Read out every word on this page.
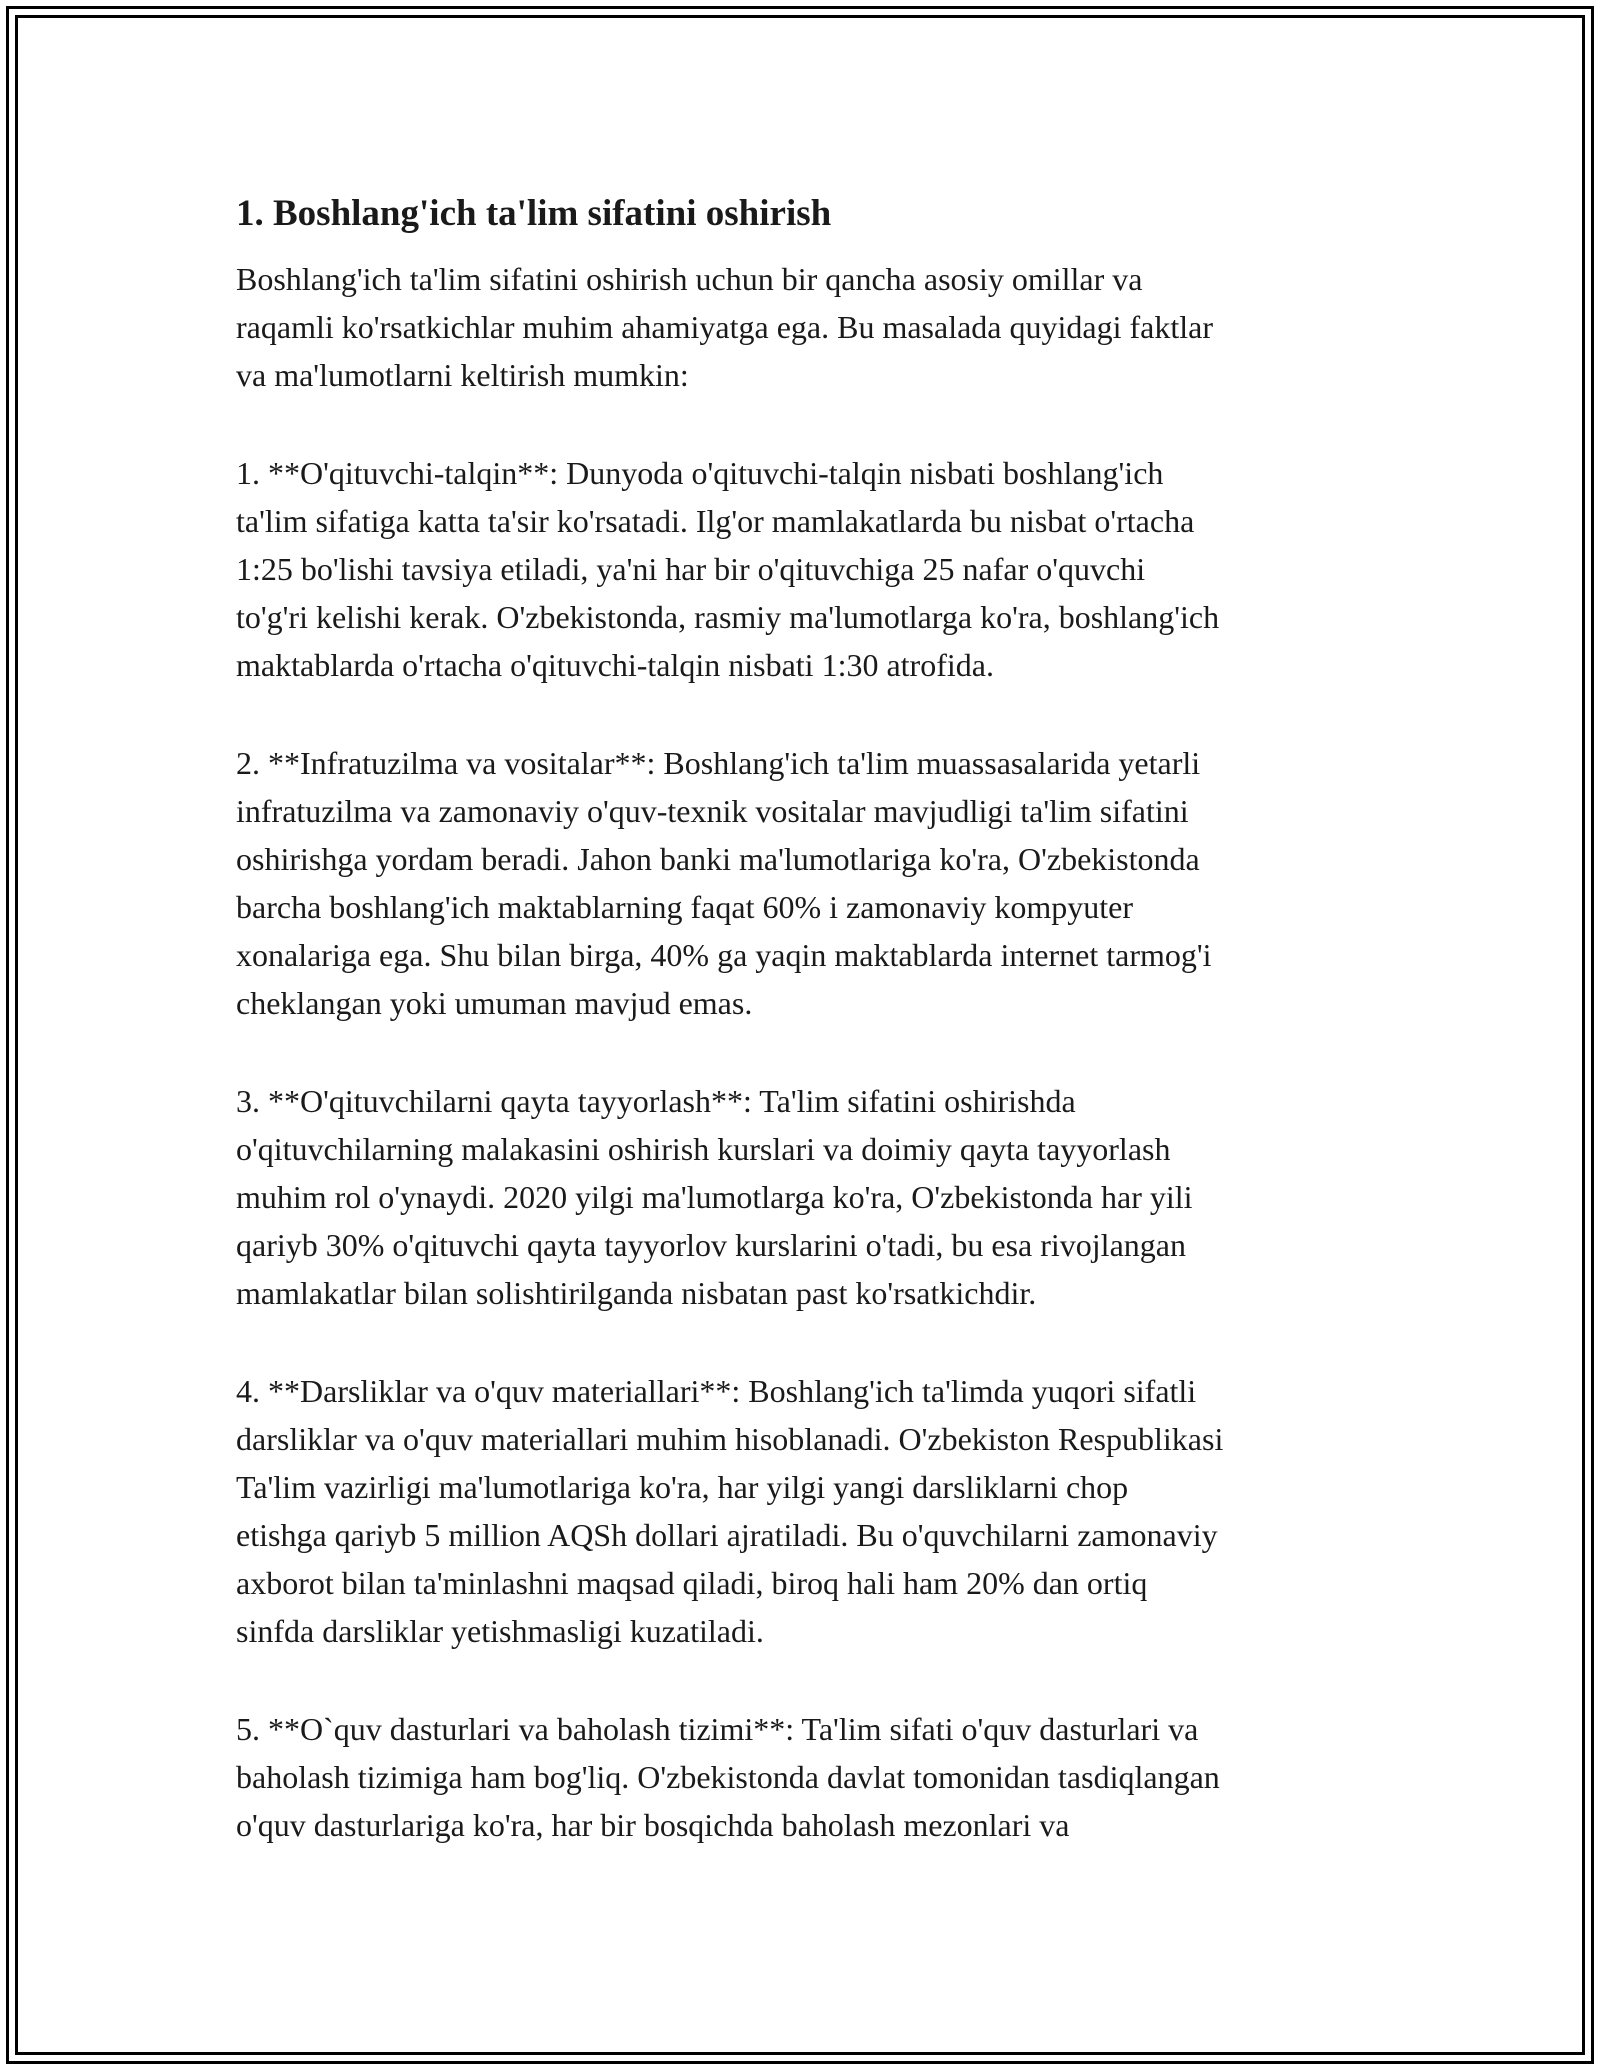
1. Boshlang'ich ta'lim sifatini oshirish
Boshlang'ich ta'lim sifatini oshirish uchun bir qancha asosiy omillar va
raqamli ko'rsatkichlar muhim ahamiyatga ega. Bu masalada quyidagi faktlar
va ma'lumotlarni keltirish mumkin:
1. **O'qituvchi-talqin**: Dunyoda o'qituvchi-talqin nisbati boshlang'ich
ta'lim sifatiga katta ta'sir ko'rsatadi. Ilg'or mamlakatlarda bu nisbat o'rtacha
1:25 bo'lishi tavsiya etiladi, ya'ni har bir o'qituvchiga 25 nafar o'quvchi
to'g'ri kelishi kerak. O'zbekistonda, rasmiy ma'lumotlarga ko'ra, boshlang'ich
maktablarda o'rtacha o'qituvchi-talqin nisbati 1:30 atrofida.
2. **Infratuzilma va vositalar**: Boshlang'ich ta'lim muassasalarida yetarli
infratuzilma va zamonaviy o'quv-texnik vositalar mavjudligi ta'lim sifatini
oshirishga yordam beradi. Jahon banki ma'lumotlariga ko'ra, O'zbekistonda
barcha boshlang'ich maktablarning faqat 60% i zamonaviy kompyuter
xonalariga ega. Shu bilan birga, 40% ga yaqin maktablarda internet tarmog'i
cheklangan yoki umuman mavjud emas.
3. **O'qituvchilarni qayta tayyorlash**: Ta'lim sifatini oshirishda
o'qituvchilarning malakasini oshirish kurslari va doimiy qayta tayyorlash
muhim rol o'ynaydi. 2020 yilgi ma'lumotlarga ko'ra, O'zbekistonda har yili
qariyb 30% o'qituvchi qayta tayyorlov kurslarini o'tadi, bu esa rivojlangan
mamlakatlar bilan solishtirilganda nisbatan past ko'rsatkichdir.
4. **Darsliklar va o'quv materiallari**: Boshlang'ich ta'limda yuqori sifatli
darsliklar va o'quv materiallari muhim hisoblanadi. O'zbekiston Respublikasi
Ta'lim vazirligi ma'lumotlariga ko'ra, har yilgi yangi darsliklarni chop
etishga qariyb 5 million AQSh dollari ajratiladi. Bu o'quvchilarni zamonaviy
axborot bilan ta'minlashni maqsad qiladi, biroq hali ham 20% dan ortiq
sinfda darsliklar yetishmasligi kuzatiladi.
5. **O`quv dasturlari va baholash tizimi**: Ta'lim sifati o'quv dasturlari va
baholash tizimiga ham bog'liq. O'zbekistonda davlat tomonidan tasdiqlangan
o'quv dasturlariga ko'ra, har bir bosqichda baholash mezonlari va
